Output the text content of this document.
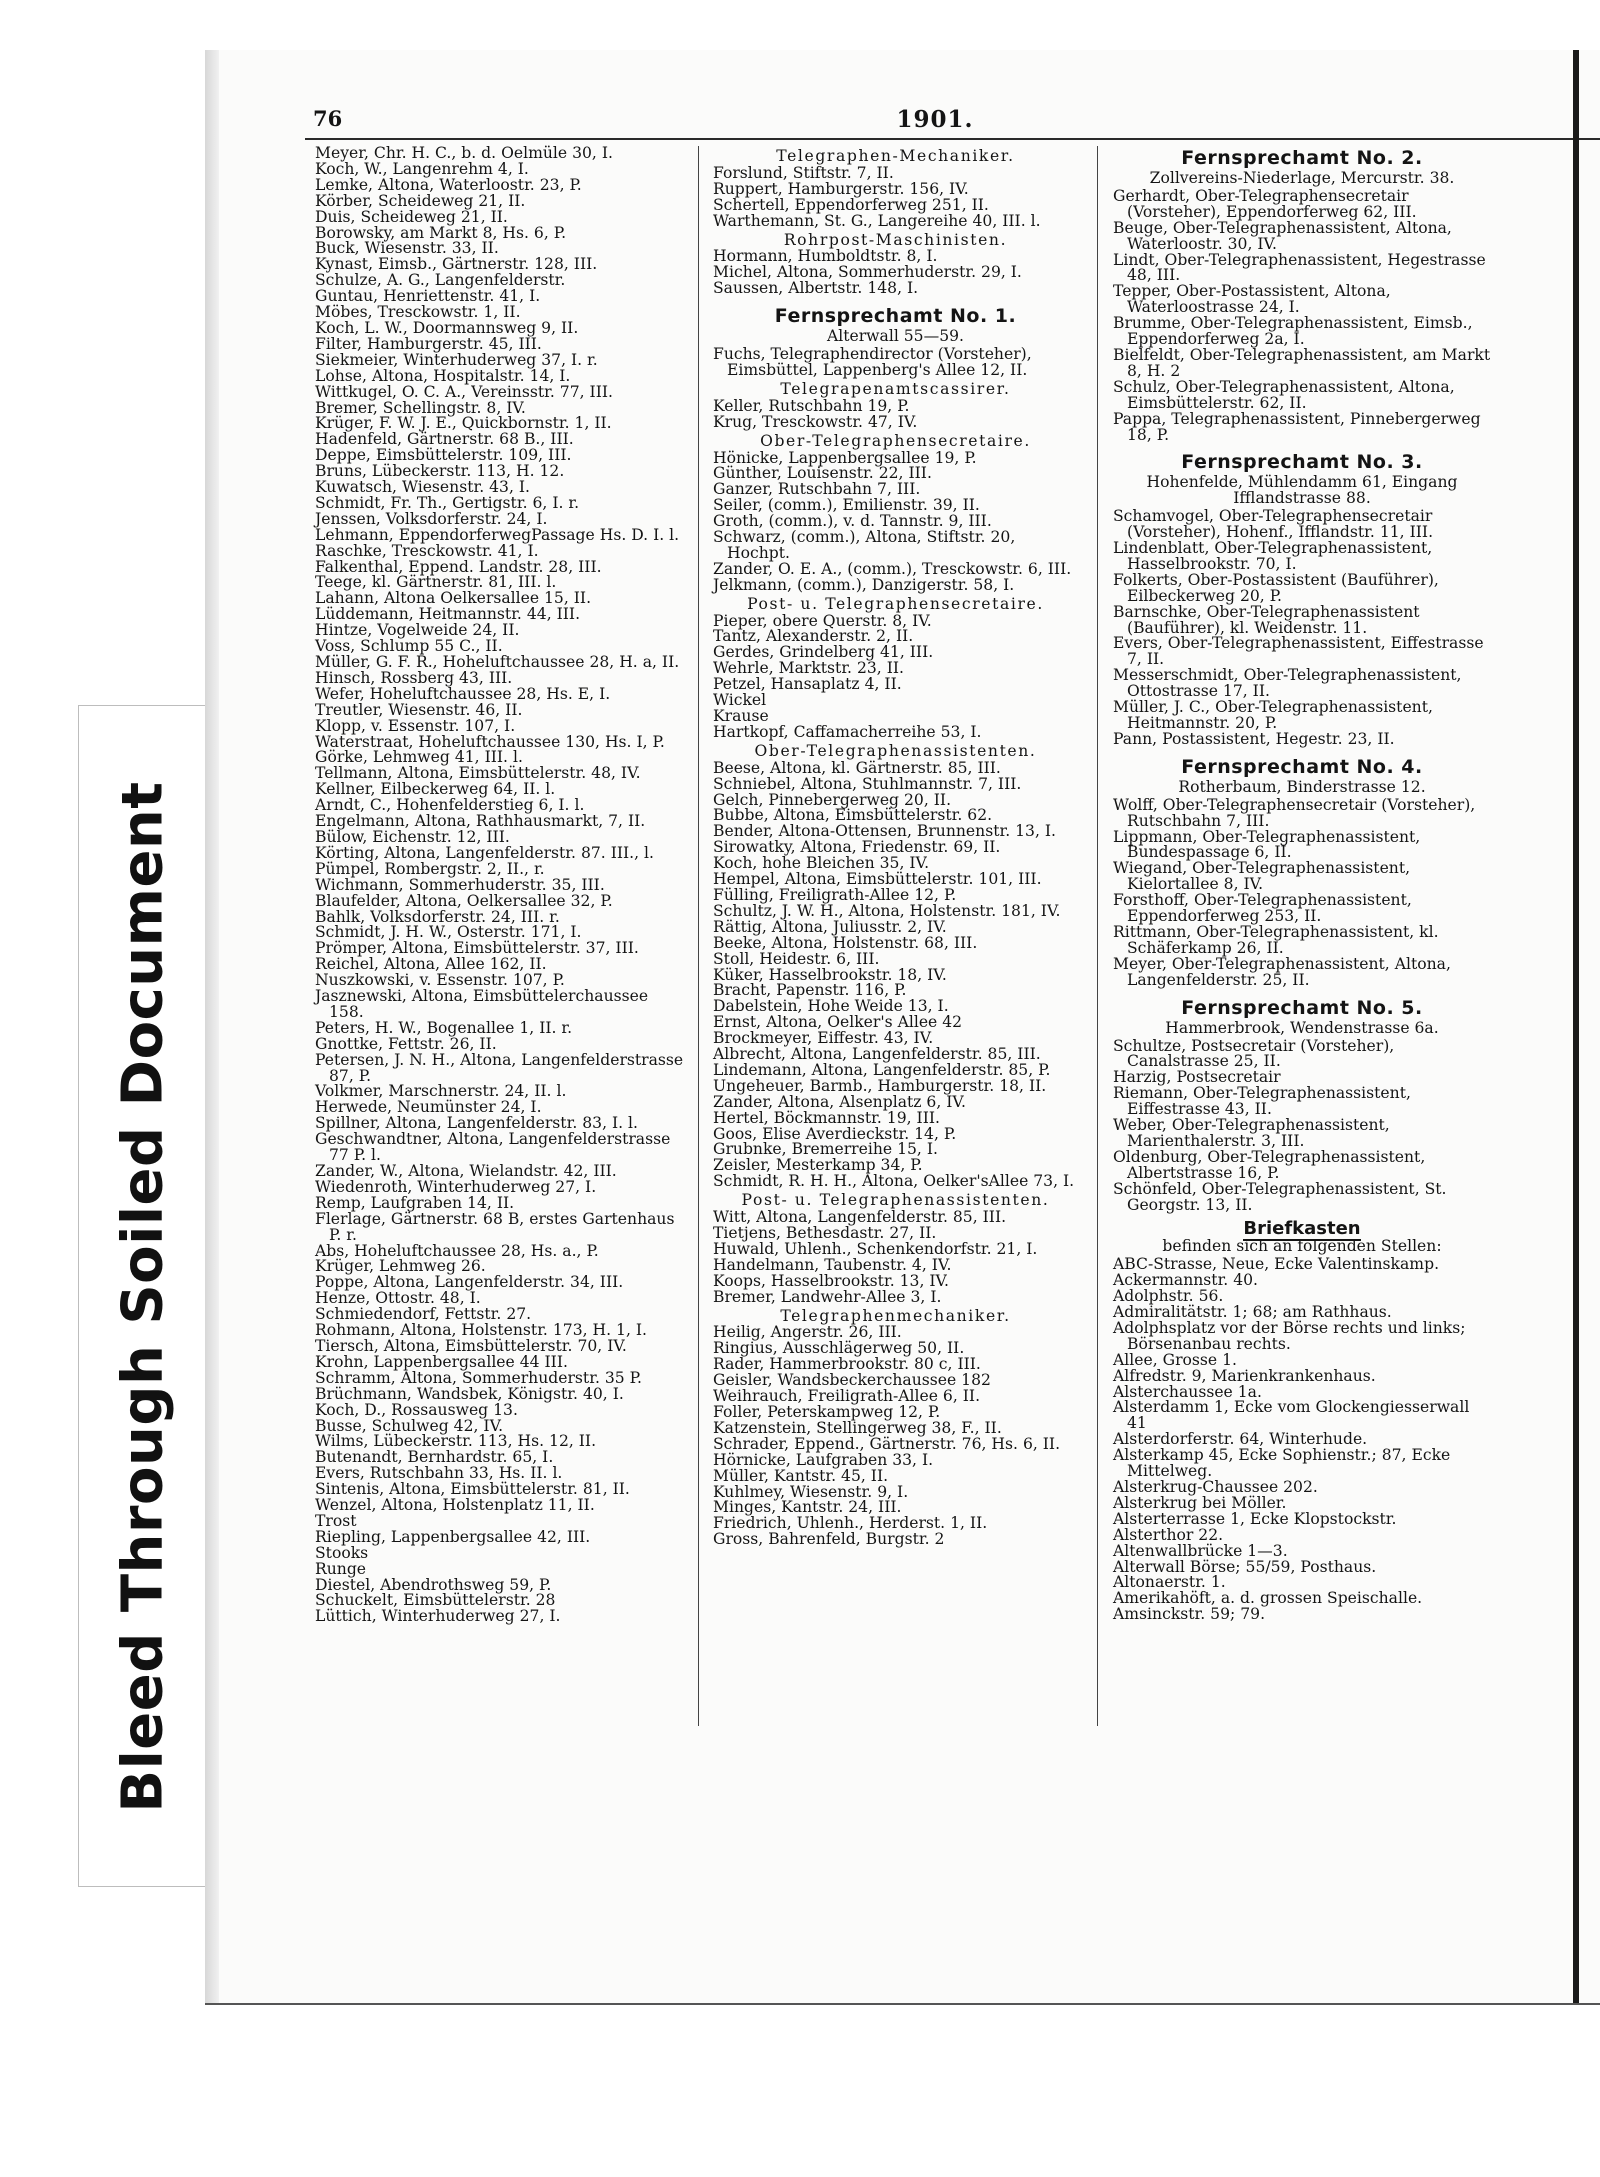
Bleed Through Soiled Document
76	1901.
Meyer, Chr. H. C., b. d. Oelmüle 30, I.
Koch, W., Langenrehm 4, I.
Lemke, Altona, Waterloostr. 23, P.
Körber, Scheideweg 21, II.
Duis, Scheideweg 21, II.
Borowsky, am Markt 8, Hs. 6, P.
Buck, Wiesenstr. 33, II.
Kynast, Eimsb., Gärtnerstr. 128, III.
Schulze, A. G., Langenfelderstr.
Guntau, Henriettenstr. 41, I.
Möbes, Tresckowstr. 1, II.
Koch, L. W., Doormannsweg 9, II.
Filter, Hamburgerstr. 45, III.
Siekmeier, Winterhuderweg 37, I. r.
Lohse, Altona, Hospitalstr. 14, I.
Wittkugel, O. C. A., Vereinsstr. 77, III.
Bremer, Schellingstr. 8, IV.
Krüger, F. W. J. E., Quickbornstr. 1, II.
Hadenfeld, Gärtnerstr. 68 B., III.
Deppe, Eimsbüttelerstr. 109, III.
Bruns, Lübeckerstr. 113, H. 12.
Kuwatsch, Wiesenstr. 43, I.
Schmidt, Fr. Th., Gertigstr. 6, I. r.
Jenssen, Volksdorferstr. 24, I.
Lehmann, EppendorferwegPassage Hs. D. I. l.
Raschke, Tresckowstr. 41, I.
Falkenthal, Eppend. Landstr. 28, III.
Teege, kl. Gärtnerstr. 81, III. l.
Lahann, Altona Oelkersallee 15, II.
Lüddemann, Heitmannstr. 44, III.
Hintze, Vogelweide 24, II.
Voss, Schlump 55 C., II.
Müller, G. F. R., Hoheluftchaussee 28, H. a, II.
Hinsch, Rossberg 43, III.
Wefer, Hoheluftchaussee 28, Hs. E, I.
Treutler, Wiesenstr. 46, II.
Klopp, v. Essenstr. 107, I.
Waterstraat, Hoheluftchaussee 130, Hs. I, P.
Görke, Lehmweg 41, III. l.
Tellmann, Altona, Eimsbüttelerstr. 48, IV.
Kellner, Eilbeckerweg 64, II. l.
Arndt, C., Hohenfelderstieg 6, I. l.
Engelmann, Altona, Rathhausmarkt, 7, II.
Bülow, Eichenstr. 12, III.
Körting, Altona, Langenfelderstr. 87. III., l.
Pümpel, Rombergstr. 2, II., r.
Wichmann, Sommerhuderstr. 35, III.
Blaufelder, Altona, Oelkersallee 32, P.
Bahlk, Volksdorferstr. 24, III. r.
Schmidt, J. H. W., Osterstr. 171, I.
Prömper, Altona, Eimsbüttelerstr. 37, III.
Reichel, Altona, Allee 162, II.
Nuszkowski, v. Essenstr. 107, P.
Jasznewski, Altona, Eimsbüttelerchaussee 158.
Peters, H. W., Bogenallee 1, II. r.
Gnottke, Fettstr. 26, II.
Petersen, J. N. H., Altona, Langenfelderstrasse 87, P.
Volkmer, Marschnerstr. 24, II. l.
Herwede, Neumünster 24, I.
Spillner, Altona, Langenfelderstr. 83, I. l.
Geschwandtner, Altona, Langenfelderstrasse 77 P. l.
Zander, W., Altona, Wielandstr. 42, III.
Wiedenroth, Winterhuderweg 27, I.
Remp, Laufgraben 14, II.
Flerlage, Gärtnerstr. 68 B, erstes Gartenhaus P. r.
Abs, Hoheluftchaussee 28, Hs. a., P.
Krüger, Lehmweg 26.
Poppe, Altona, Langenfelderstr. 34, III.
Henze, Ottostr. 48, I.
Schmiedendorf, Fettstr. 27.
Rohmann, Altona, Holstenstr. 173, H. 1, I.
Tiersch, Altona, Eimsbüttelerstr. 70, IV.
Krohn, Lappenbergsallee 44 III.
Schramm, Altona, Sommerhuderstr. 35 P.
Brüchmann, Wandsbek, Königstr. 40, I.
Koch, D., Rossausweg 13.
Busse, Schulweg 42, IV.
Wilms, Lübeckerstr. 113, Hs. 12, II.
Butenandt, Bernhardstr. 65, I.
Evers, Rutschbahn 33, Hs. II. l.
Sintenis, Altona, Eimsbüttelerstr. 81, II.
Wenzel, Altona, Holstenplatz 11, II.
Trost
Riepling, Lappenbergsallee 42, III.
Stooks
Runge
Diestel, Abendrothsweg 59, P.
Schuckelt, Eimsbüttelerstr. 28
Lüttich, Winterhuderweg 27, I.
Telegraphen-Mechaniker.
Forslund, Stiftstr. 7, II.
Ruppert, Hamburgerstr. 156, IV.
Schertell, Eppendorferweg 251, II.
Warthemann, St. G., Langereihe 40, III. l.
Rohrpost-Maschinisten.
Hormann, Humboldtstr. 8, I.
Michel, Altona, Sommerhuderstr. 29, I.
Saussen, Albertstr. 148, I.
Fernsprechamt No. 1.
Alterwall 55—59.
Fuchs, Telegraphendirector (Vorsteher), Eimsbüttel, Lappenberg's Allee 12, II.
Telegrapenamtscassirer.
Keller, Rutschbahn 19, P.
Krug, Tresckowstr. 47, IV.
Ober-Telegraphensecretaire.
Hönicke, Lappenbergsallee 19, P.
Günther, Louisenstr. 22, III.
Ganzer, Rutschbahn 7, III.
Seiler, (comm.), Emilienstr. 39, II.
Groth, (comm.), v. d. Tannstr. 9, III.
Schwarz, (comm.), Altona, Stiftstr. 20, Hochpt.
Zander, O. E. A., (comm.), Tresckowstr. 6, III.
Jelkmann, (comm.), Danzigerstr. 58, I.
Post- u. Telegraphensecretaire.
Pieper, obere Querstr. 8, IV.
Tantz, Alexanderstr. 2, II.
Gerdes, Grindelberg 41, III.
Wehrle, Marktstr. 23, II.
Petzel, Hansaplatz 4, II.
Wickel
Krause
Hartkopf, Caffamacherreihe 53, I.
Ober-Telegraphenassistenten.
Beese, Altona, kl. Gärtnerstr. 85, III.
Schniebel, Altona, Stuhlmannstr. 7, III.
Gelch, Pinnebergerweg 20, II.
Bubbe, Altona, Eimsbüttelerstr. 62.
Bender, Altona-Ottensen, Brunnenstr. 13, I.
Sirowatky, Altona, Friedenstr. 69, II.
Koch, hohe Bleichen 35, IV.
Hempel, Altona, Eimsbüttelerstr. 101, III.
Fülling, Freiligrath-Allee 12, P.
Schultz, J. W. H., Altona, Holstenstr. 181, IV.
Rättig, Altona, Juliusstr. 2, IV.
Beeke, Altona, Holstenstr. 68, III.
Stoll, Heidestr. 6, III.
Küker, Hasselbrookstr. 18, IV.
Bracht, Papenstr. 116, P.
Dabelstein, Hohe Weide 13, I.
Ernst, Altona, Oelker's Allee 42
Brockmeyer, Eiffestr. 43, IV.
Albrecht, Altona, Langenfelderstr. 85, III.
Lindemann, Altona, Langenfelderstr. 85, P.
Ungeheuer, Barmb., Hamburgerstr. 18, II.
Zander, Altona, Alsenplatz 6, IV.
Hertel, Böckmannstr. 19, III.
Goos, Elise Averdieckstr. 14, P.
Grubnke, Bremerreihe 15, I.
Zeisler, Mesterkamp 34, P.
Schmidt, R. H. H., Altona, Oelker'sAllee 73, I.
Post- u. Telegraphenassistenten.
Witt, Altona, Langenfelderstr. 85, III.
Tietjens, Bethesdastr. 27, II.
Huwald, Uhlenh., Schenkendorfstr. 21, I.
Handelmann, Taubenstr. 4, IV.
Koops, Hasselbrookstr. 13, IV.
Bremer, Landwehr-Allee 3, I.
Telegraphenmechaniker.
Heilig, Angerstr. 26, III.
Ringius, Ausschlägerweg 50, II.
Rader, Hammerbrookstr. 80 c, III.
Geisler, Wandsbeckerchaussee 182
Weihrauch, Freiligrath-Allee 6, II.
Foller, Peterskampweg 12, P.
Katzenstein, Stellingerweg 38, F., II.
Schrader, Eppend., Gärtnerstr. 76, Hs. 6, II.
Hörnicke, Laufgraben 33, I.
Müller, Kantstr. 45, II.
Kuhlmey, Wiesenstr. 9, I.
Minges, Kantstr. 24, III.
Friedrich, Uhlenh., Herderst. 1, II.
Gross, Bahrenfeld, Burgstr. 2
Fernsprechamt No. 2.
Zollvereins-Niederlage, Mercurstr. 38.
Gerhardt, Ober-Telegraphensecretair (Vorsteher), Eppendorferweg 62, III.
Beuge, Ober-Telegraphenassistent, Altona, Waterloostr. 30, IV.
Lindt, Ober-Telegraphenassistent, Hegestrasse 48, III.
Tepper, Ober-Postassistent, Altona, Waterloostrasse 24, I.
Brumme, Ober-Telegraphenassistent, Eimsb., Eppendorferweg 2a, I.
Bielfeldt, Ober-Telegraphenassistent, am Markt 8, H. 2
Schulz, Ober-Telegraphenassistent, Altona, Eimsbüttelerstr. 62, II.
Pappa, Telegraphenassistent, Pinnebergerweg 18, P.
Fernsprechamt No. 3.
Hohenfelde, Mühlendamm 61, Eingang Ifflandstrasse 88.
Schamvogel, Ober-Telegraphensecretair (Vorsteher), Hohenf., Ifflandstr. 11, III.
Lindenblatt, Ober-Telegraphenassistent, Hasselbrookstr. 70, I.
Folkerts, Ober-Postassistent (Bauführer), Eilbeckerweg 20, P.
Barnschke, Ober-Telegraphenassistent (Bauführer), kl. Weidenstr. 11.
Evers, Ober-Telegraphenassistent, Eiffestrasse 7, II.
Messerschmidt, Ober-Telegraphenassistent, Ottostrasse 17, II.
Müller, J. C., Ober-Telegraphenassistent, Heitmannstr. 20, P.
Pann, Postassistent, Hegestr. 23, II.
Fernsprechamt No. 4.
Rotherbaum, Binderstrasse 12.
Wolff, Ober-Telegraphensecretair (Vorsteher), Rutschbahn 7, III.
Lippmann, Ober-Telegraphenassistent, Bundespassage 6, II.
Wiegand, Ober-Telegraphenassistent, Kielortallee 8, IV.
Forsthoff, Ober-Telegraphenassistent, Eppendorferweg 253, II.
Rittmann, Ober-Telegraphenassistent, kl. Schäferkamp 26, II.
Meyer, Ober-Telegraphenassistent, Altona, Langenfelderstr. 25, II.
Fernsprechamt No. 5.
Hammerbrook, Wendenstrasse 6a.
Schultze, Postsecretair (Vorsteher), Canalstrasse 25, II.
Harzig, Postsecretair
Riemann, Ober-Telegraphenassistent, Eiffestrasse 43, II.
Weber, Ober-Telegraphenassistent, Marienthalerstr. 3, III.
Oldenburg, Ober-Telegraphenassistent, Albertstrasse 16, P.
Schönfeld, Ober-Telegraphenassistent, St. Georgstr. 13, II.
Briefkasten
befinden sich an folgenden Stellen:
ABC-Strasse, Neue, Ecke Valentinskamp.
Ackermannstr. 40.
Adolphstr. 56.
Admiralitätstr. 1; 68; am Rathhaus.
Adolphsplatz vor der Börse rechts und links; Börsenanbau rechts.
Allee, Grosse 1.
Alfredstr. 9, Marienkrankenhaus.
Alsterchaussee 1a.
Alsterdamm 1, Ecke vom Glockengiesserwall 41
Alsterdorferstr. 64, Winterhude.
Alsterkamp 45, Ecke Sophienstr.; 87, Ecke Mittelweg.
Alsterkrug-Chaussee 202.
Alsterkrug bei Möller.
Alsterterrasse 1, Ecke Klopstockstr.
Alsterthor 22.
Altenwallbrücke 1—3.
Alterwall Börse; 55/59, Posthaus.
Altonaerstr. 1.
Amerikahöft, a. d. grossen Speischalle.
Amsinckstr. 59; 79.
